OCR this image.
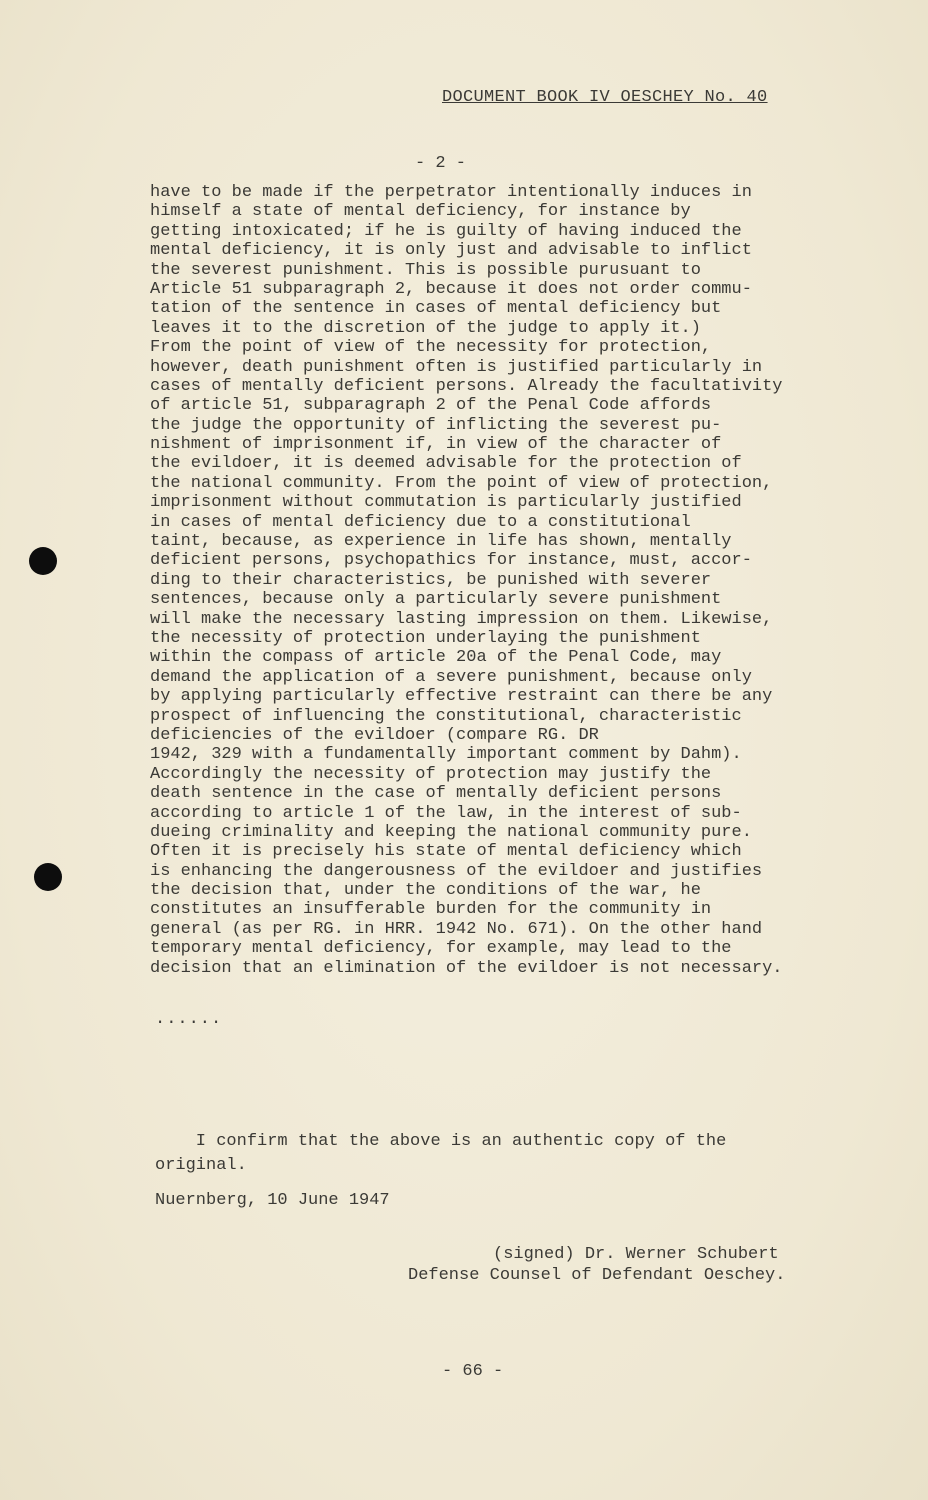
DOCUMENT BOOK IV OESCHEY No. 40
- 2 -
have to be made if the perpetrator intentionally induces in
himself a state of mental deficiency, for instance by
getting intoxicated; if he is guilty of having induced the
mental deficiency, it is only just and advisable to inflict
the severest punishment. This is possible purusuant to
Article 51 subparagraph 2, because it does not order commu-
tation of the sentence in cases of mental deficiency but
leaves it to the discretion of the judge to apply it.)
From the point of view of the necessity for protection,
however, death punishment often is justified particularly in
cases of mentally deficient persons. Already the facultativity
of article 51, subparagraph 2 of the Penal Code affords
the judge the opportunity of inflicting the severest pu-
nishment of imprisonment if, in view of the character of
the evildoer, it is deemed advisable for the protection of
the national community. From the point of view of protection,
imprisonment without commutation is particularly justified
in cases of mental deficiency due to a constitutional
taint, because, as experience in life has shown, mentally
deficient persons, psychopathics for instance, must, accor-
ding to their characteristics, be punished with severer
sentences, because only a particularly severe punishment
will make the necessary lasting impression on them. Likewise,
the necessity of protection underlaying the punishment
within the compass of article 20a of the Penal Code, may
demand the application of a severe punishment, because only
by applying particularly effective restraint can there be any
prospect of influencing the constitutional, characteristic
deficiencies of the evildoer (compare RG. DR
1942, 329 with a fundamentally important comment by Dahm).
Accordingly the necessity of protection may justify the
death sentence in the case of mentally deficient persons
according to article 1 of the law, in the interest of sub-
dueing criminality and keeping the national community pure.
Often it is precisely his state of mental deficiency which
is enhancing the dangerousness of the evildoer and justifies
the decision that, under the conditions of the war, he
constitutes an insufferable burden for the community in
general (as per RG. in HRR. 1942 No. 671). On the other hand
temporary mental deficiency, for example, may lead to the
decision that an elimination of the evildoer is not necessary.
......
I confirm that the above is an authentic copy of the
original.
Nuernberg, 10 June 1947
(signed) Dr. Werner Schubert
Defense Counsel of Defendant Oeschey.
- 66 -
